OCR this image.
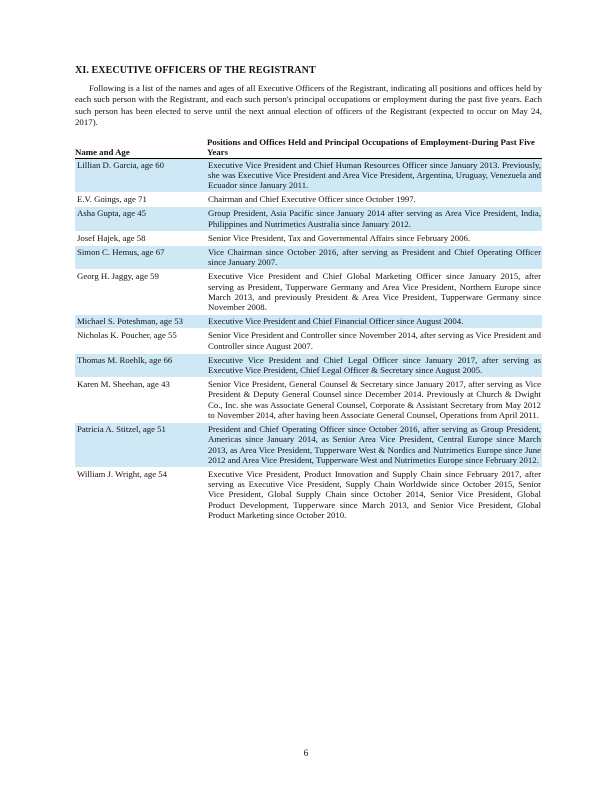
XI. EXECUTIVE OFFICERS OF THE REGISTRANT

Following is a list of the names and ages of all Executive Officers of the Registrant, indicating all positions and offices held by each such person with the Registrant, and each such person's principal occupations or employment during the past five years. Each such person has been elected to serve until the next annual election of officers of the Registrant (expected to occur on May 24, 2017).

Name and Age	Positions and Offices Held and Principal Occupations of Employment-During Past Five Years
Lillian D. Garcia, age 60	Executive Vice President and Chief Human Resources Officer since January 2013. Previously, she was Executive Vice President and Area Vice President, Argentina, Uruguay, Venezuela and Ecuador since January 2011.
E.V. Goings, age 71	Chairman and Chief Executive Officer since October 1997.
Asha Gupta, age 45	Group President, Asia Pacific since January 2014 after serving as Area Vice President, India, Philippines and Nutrimetics Australia since January 2012.
Josef Hajek, age 58	Senior Vice President, Tax and Governmental Affairs since February 2006.
Simon C. Hemus, age 67	Vice Chairman since October 2016, after serving as President and Chief Operating Officer since January 2007.
Georg H. Jaggy, age 59	Executive Vice President and Chief Global Marketing Officer since January 2015, after serving as President, Tupperware Germany and Area Vice President, Northern Europe since March 2013, and previously President & Area Vice President, Tupperware Germany since November 2008.
Michael S. Poteshman, age 53	Executive Vice President and Chief Financial Officer since August 2004.
Nicholas K. Poucher, age 55	Senior Vice President and Controller since November 2014, after serving as Vice President and Controller since August 2007.
Thomas M. Roehlk, age 66	Executive Vice President and Chief Legal Officer since January 2017, after serving as Executive Vice President, Chief Legal Officer & Secretary since August 2005.
Karen M. Sheehan, age 43	Senior Vice President, General Counsel & Secretary since January 2017, after serving as Vice President & Deputy General Counsel since December 2014. Previously at Church & Dwight Co., Inc. she was Associate General Counsel, Corporate & Assistant Secretary from May 2012 to November 2014, after having been Associate General Counsel, Operations from April 2011.
Patricia A. Stitzel, age 51	President and Chief Operating Officer since October 2016, after serving as Group President, Americas since January 2014, as Senior Area Vice President, Central Europe since March 2013, as Area Vice President, Tupperware West & Nordics and Nutrimetics Europe since June 2012 and Area Vice President, Tupperware West and Nutrimetics Europe since February 2012.
William J. Wright, age 54	Executive Vice President, Product Innovation and Supply Chain since February 2017, after serving as Executive Vice President, Supply Chain Worldwide since October 2015, Senior Vice President, Global Supply Chain since October 2014, Senior Vice President, Global Product Development, Tupperware since March 2013, and Senior Vice President, Global Product Marketing since October 2010.
6
